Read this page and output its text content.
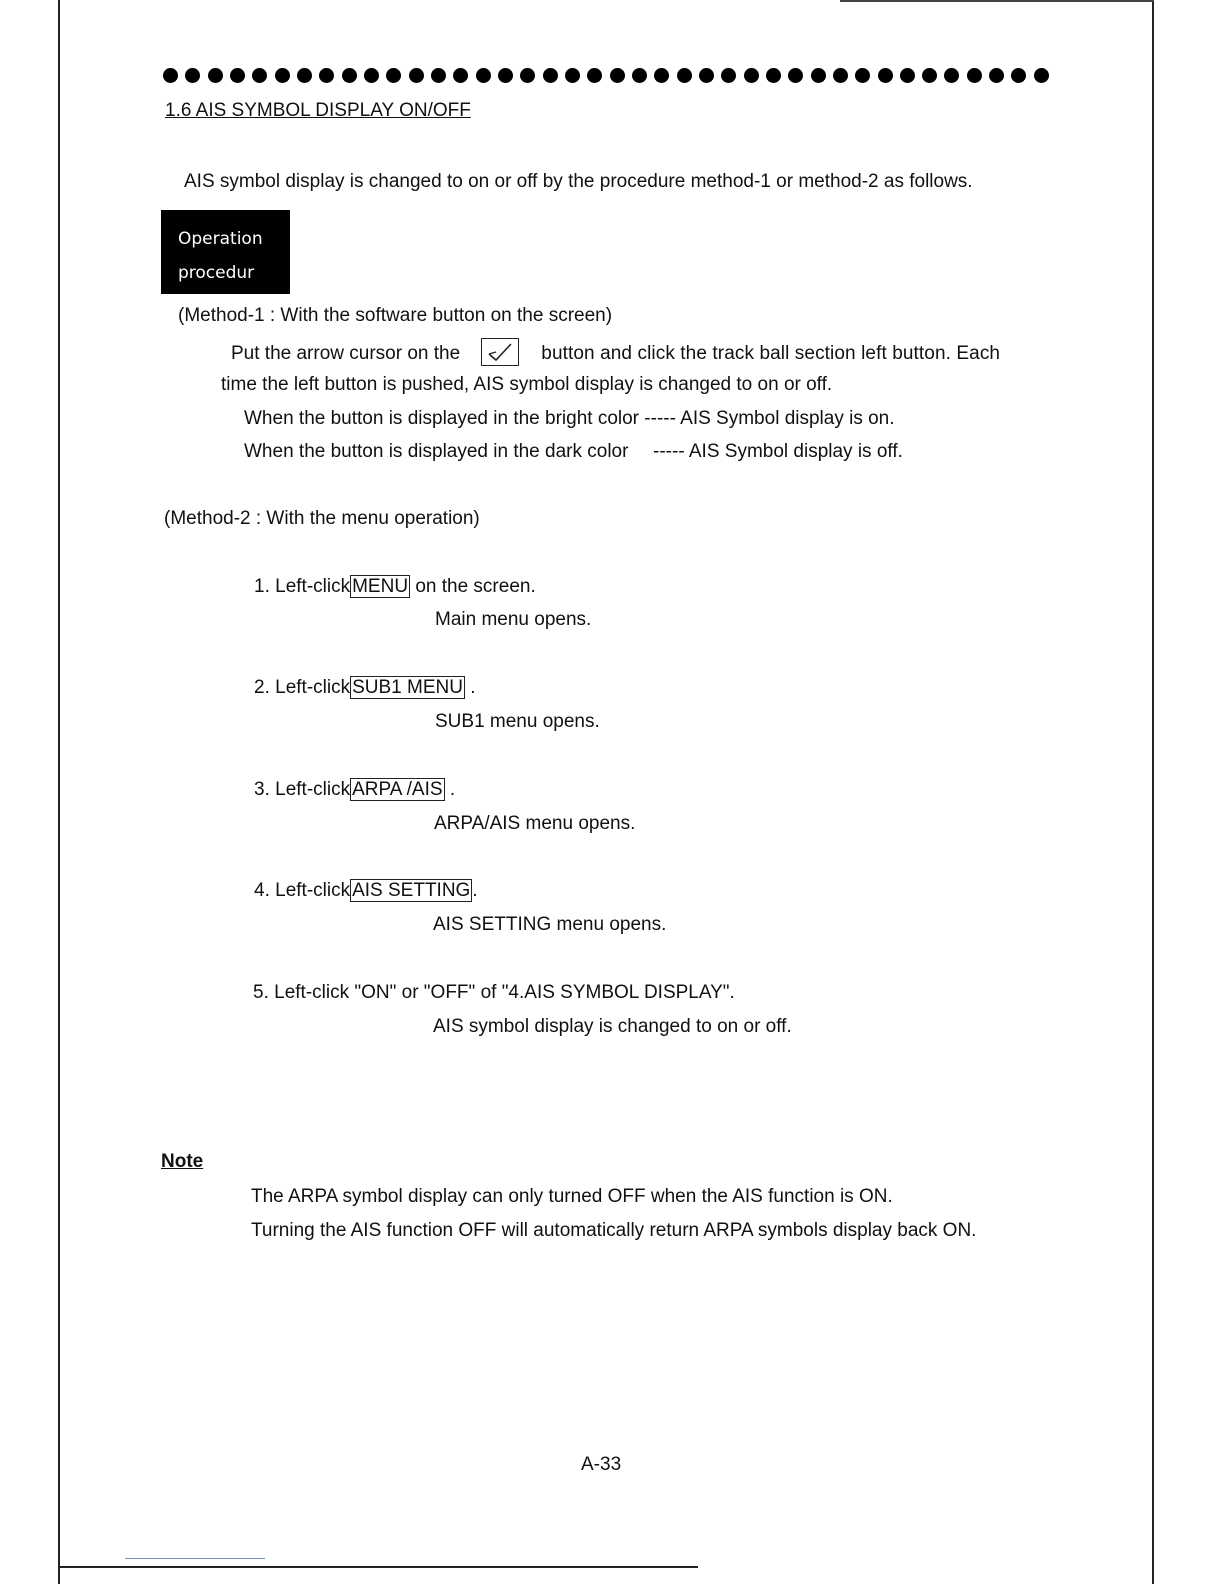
1.6 AIS SYMBOL DISPLAY ON/OFF
AIS symbol display is changed to on or off by the procedure method-1 or method-2 as follows.
Operation
procedur
(Method-1 : With the software button on the screen)
Put the arrow cursor on the	button and click the track ball section left button. Each
time the left button is pushed, AIS symbol display is changed to on or off.
When the button is displayed in the bright color ----- AIS Symbol display is on.
When the button is displayed in the dark color ----- AIS Symbol display is off.
(Method-2 : With the menu operation)
1. Left-click MENU on the screen.
Main menu opens.
2. Left-click SUB1 MENU .
SUB1 menu opens.
3. Left-click ARPA /AIS .
ARPA/AIS menu opens.
4. Left-click AIS SETTING .
AIS SETTING menu opens.
5. Left-click "ON" or "OFF" of "4.AIS SYMBOL DISPLAY".
AIS symbol display is changed to on or off.
Note
The ARPA symbol display can only turned OFF when the AIS function is ON.
Turning the AIS function OFF will automatically return ARPA symbols display back ON.
A-33
